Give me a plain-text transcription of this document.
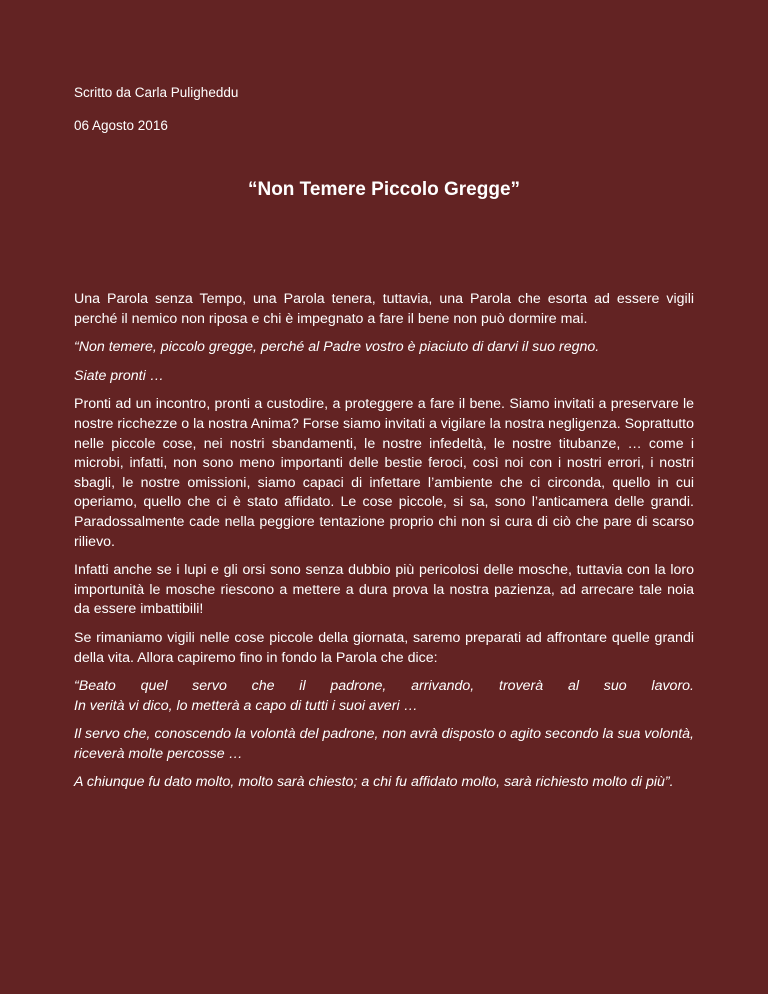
Scritto da Carla Puligheddu
06 Agosto 2016
“Non Temere Piccolo Gregge”

Una Parola senza Tempo, una Parola tenera, tuttavia, una Parola che esorta ad essere vigili perché il nemico non riposa e chi è impegnato a fare il bene non può dormire mai.

“Non temere, piccolo gregge, perché al Padre vostro è piaciuto di darvi il suo regno.

Siate pronti …

Pronti ad un incontro, pronti a custodire, a proteggere a fare il bene. Siamo invitati a preservare le nostre ricchezze o la nostra Anima? Forse siamo invitati a vigilare la nostra negligenza. Soprattutto nelle piccole cose, nei nostri sbandamenti, le nostre infedeltà, le nostre titubanze, … come i microbi, infatti, non sono meno importanti delle bestie feroci, così noi con i nostri errori, i nostri sbagli, le nostre omissioni, siamo capaci di infettare l’ambiente che ci circonda, quello in cui operiamo, quello che ci è stato affidato. Le cose piccole, si sa, sono l’anticamera delle grandi. Paradossalmente cade nella peggiore tentazione proprio chi non si cura di ciò che pare di scarso rilievo.

Infatti anche se i lupi e gli orsi sono senza dubbio più pericolosi delle mosche, tuttavia con la loro importunità le mosche riescono a mettere a dura prova la nostra pazienza, ad arrecare tale noia da essere imbattibili!

Se rimaniamo vigili nelle cose piccole della giornata, saremo preparati ad affrontare quelle grandi della vita. Allora capiremo fino in fondo la Parola che dice:

“Beato quel servo che il padrone, arrivando, troverà al suo lavoro.
In verità vi dico, lo metterà a capo di tutti i suoi averi …

Il servo che, conoscendo la volontà del padrone, non avrà disposto o agito secondo la sua volontà, riceverà molte percosse …

A chiunque fu dato molto, molto sarà chiesto; a chi fu affidato molto, sarà richiesto molto di più”.
